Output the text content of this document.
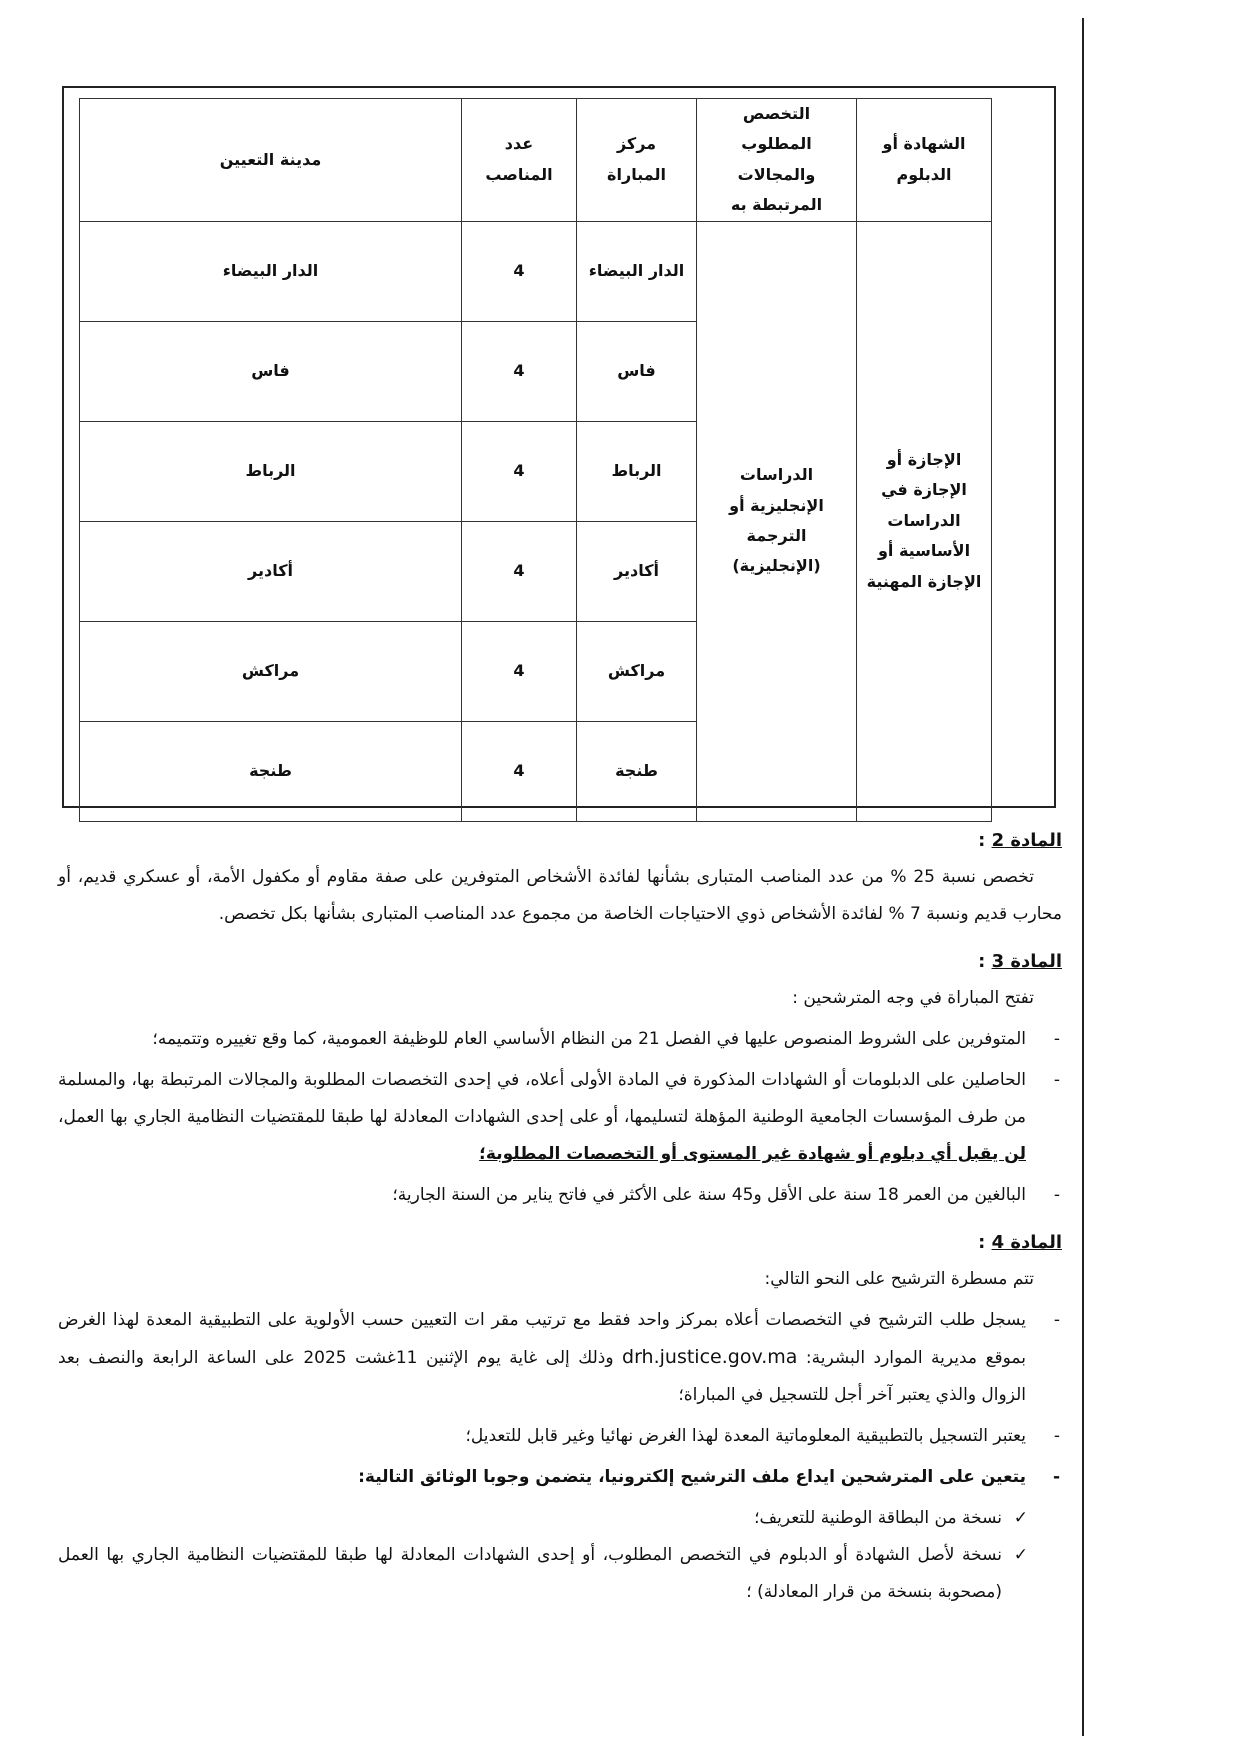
الشهادة أو الدبلوم	التخصص المطلوب والمجالات المرتبطة به	مركز المباراة	عدد المناصب	مدينة التعيين
الإجازة أو الإجازة في الدراسات الأساسية أو الإجازة المهنية	الدراسات الإنجليزية أو الترجمة (الإنجليزية)	الدار البيضاء	4	الدار البيضاء
		فاس	4	فاس
		الرباط	4	الرباط
		أكادير	4	أكادير
		مراكش	4	مراكش
		طنجة	4	طنجة
المادة 2 :
تخصص نسبة 25 % من عدد المناصب المتبارى بشأنها لفائدة الأشخاص المتوفرين على صفة مقاوم أو مكفول الأمة، أو عسكري قديم، أو محارب قديم ونسبة 7 % لفائدة الأشخاص ذوي الاحتياجات الخاصة من مجموع عدد المناصب المتبارى بشأنها بكل تخصص.
المادة 3 :
تفتح المباراة في وجه المترشحين :
-
المتوفرين على الشروط المنصوص عليها في الفصل 21 من النظام الأساسي العام للوظيفة العمومية، كما وقع تغييره وتتميمه؛
-
الحاصلين على الدبلومات أو الشهادات المذكورة في المادة الأولى أعلاه، في إحدى التخصصات المطلوبة والمجالات المرتبطة بها، والمسلمة من طرف المؤسسات الجامعية الوطنية المؤهلة لتسليمها، أو على إحدى الشهادات المعادلة لها طبقا للمقتضيات النظامية الجاري بها العمل، لن يقبل أي دبلوم أو شهادة غير المستوى أو التخصصات المطلوبة؛
-
البالغين من العمر 18 سنة على الأقل و45 سنة على الأكثر في فاتح يناير من السنة الجارية؛
المادة 4 :
تتم مسطرة الترشيح على النحو التالي:
-
يسجل طلب الترشيح في التخصصات أعلاه بمركز واحد فقط مع ترتيب مقر ات التعيين حسب الأولوية على التطبيقية المعدة لهذا الغرض بموقع مديرية الموارد البشرية: drh.justice.gov.ma وذلك إلى غاية يوم الإثنين 11غشت 2025 على الساعة الرابعة والنصف بعد الزوال والذي يعتبر آخر أجل للتسجيل في المباراة؛
-
يعتبر التسجيل بالتطبيقية المعلوماتية المعدة لهذا الغرض نهائيا وغير قابل للتعديل؛
-
يتعين على المترشحين ايداع ملف الترشيح إلكترونيا، يتضمن وجوبا الوثائق التالية:
✓
نسخة من البطاقة الوطنية للتعريف؛
✓
نسخة لأصل الشهادة أو الدبلوم في التخصص المطلوب، أو إحدى الشهادات المعادلة لها طبقا للمقتضيات النظامية الجاري بها العمل (مصحوبة بنسخة من قرار المعادلة) ؛
